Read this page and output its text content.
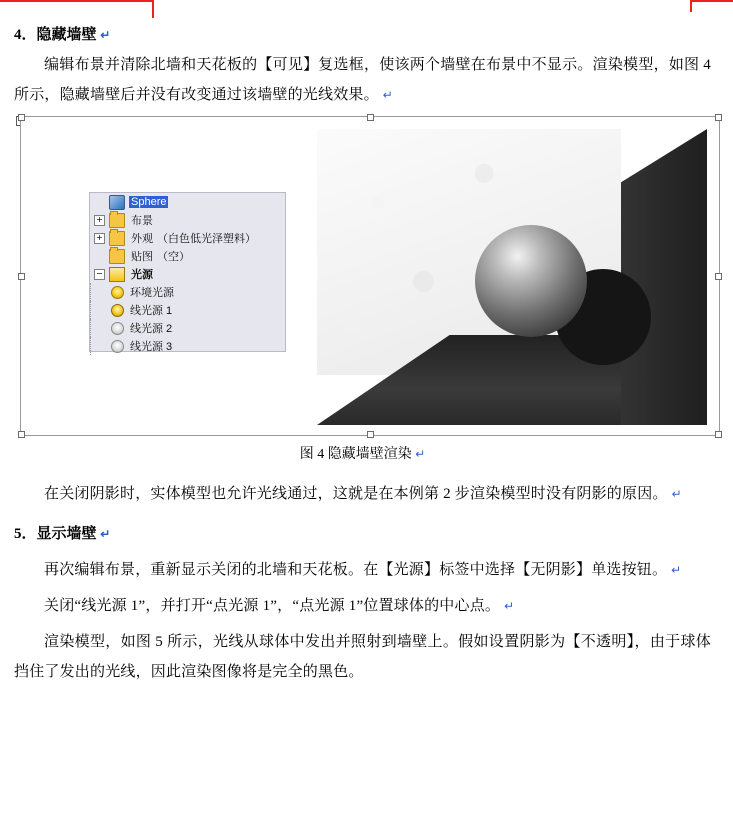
4．隐藏墙壁 ↵

编辑布景并清除北墙和天花板的【可见】复选框，使该两个墙壁在布景中不显示。渲染模型，如图 4 所示，隐藏墙壁后并没有改变通过该墙壁的光线效果。 ↵

Sphere
+	布景
+	外观 （白色低光泽塑料）
贴图 （空）
−	光源
环境光源
线光源 1
线光源 2
线光源 3

图 4 隐藏墙壁渲染 ↵

在关闭阴影时，实体模型也允许光线通过，这就是在本例第 2 步渲染模型时没有阴影的原因。 ↵

5．显示墙壁 ↵

再次编辑布景，重新显示关闭的北墙和天花板。在【光源】标签中选择【无阴影】单选按钮。 ↵

关闭“线光源 1”，并打开“点光源 1”，“点光源 1”位置球体的中心点。 ↵

渲染模型，如图 5 所示，光线从球体中发出并照射到墙壁上。假如设置阴影为【不透明】，由于球体挡住了发出的光线，因此渲染图像将是完全的黑色。
